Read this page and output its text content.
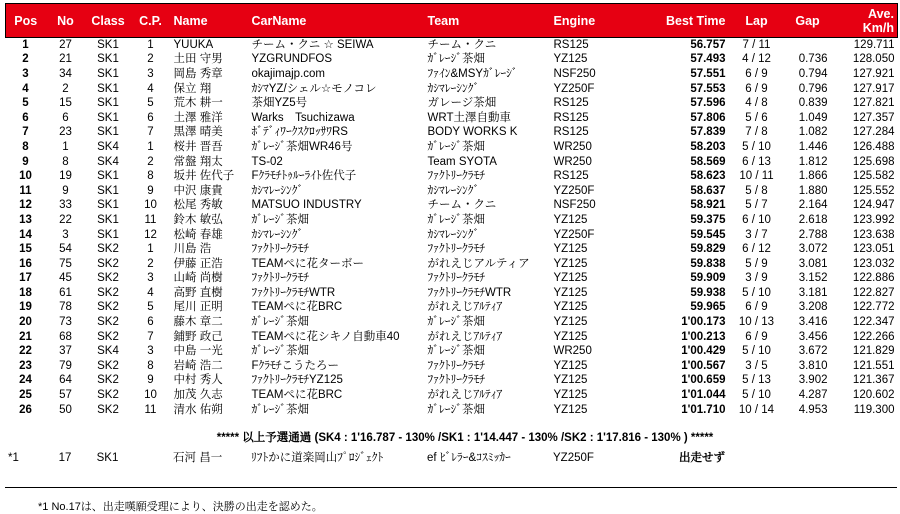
Pos	No	Class	C.P.	Name	CarName	Team	Engine	Best Time	Lap	Gap	Ave.
Km/h
1	27	SK1	1	YUUKA	チーム・クニ ☆ SEIWA	チーム・クニ	RS125	56.757	7 / 11		129.711
2	21	SK1	2	土田 守男	YZGRUNDFOS	ｶﾞﾚｰｼﾞ茶畑	YZ125	57.493	4 / 12	0.736	128.050
3	34	SK1	3	岡島 秀章	okajimajp.com	ﾌｧｲﾝ&MSYｶﾞﾚｰｼﾞ	NSF250	57.551	6 / 9	0.794	127.921
4	2	SK1	4	保立 翔	ｶｼﾏYZ/シェル☆モノコレ	ｶｼﾏﾚｰｼﾝｸﾞ	YZ250F	57.553	6 / 9	0.796	127.917
5	15	SK1	5	荒木 耕一	茶畑YZ5号	ガレージ茶畑	RS125	57.596	4 / 8	0.839	127.821
6	6	SK1	6	土澤 雅洋	Warks　Tsuchizawa	WRT土澤自動車	RS125	57.806	5 / 6	1.049	127.357
7	23	SK1	7	黒澤 晴美	ﾎﾞﾃﾞｨﾜｰｸｽｸﾛｯｻﾜRS	BODY WORKS K	RS125	57.839	7 / 8	1.082	127.284
8	1	SK4	1	桜井 晋吾	ｶﾞﾚｰｼﾞ茶畑WR46号	ｶﾞﾚｰｼﾞ茶畑	WR250	58.203	5 / 10	1.446	126.488
9	8	SK4	2	常盤 翔太	TS-02	Team SYOTA	WR250	58.569	6 / 13	1.812	125.698
10	19	SK1	8	坂井 佐代子	Fｸﾗﾓﾁﾄｩﾙｰﾗｲﾄ佐代子	ﾌｧｸﾄﾘｰｸﾗﾓﾁ	RS125	58.623	10 / 11	1.866	125.582
11	9	SK1	9	中沢 康貴	ｶｼﾏﾚｰｼﾝｸﾞ	ｶｼﾏﾚｰｼﾝｸﾞ	YZ250F	58.637	5 / 8	1.880	125.552
12	33	SK1	10	松尾 秀敏	MATSUO INDUSTRY	チーム・クニ	NSF250	58.921	5 / 7	2.164	124.947
13	22	SK1	11	鈴木 敏弘	ｶﾞﾚｰｼﾞ茶畑	ｶﾞﾚｰｼﾞ茶畑	YZ125	59.375	6 / 10	2.618	123.992
14	3	SK1	12	松崎 春雄	ｶｼﾏﾚｰｼﾝｸﾞ	ｶｼﾏﾚｰｼﾝｸﾞ	YZ250F	59.545	3 / 7	2.788	123.638
15	54	SK2	1	川島 浩	ﾌｧｸﾄﾘｰｸﾗﾓﾁ	ﾌｧｸﾄﾘｰｸﾗﾓﾁ	YZ125	59.829	6 / 12	3.072	123.051
16	75	SK2	2	伊藤 正浩	TEAMぺに花ターボー	がれえじアルティア	YZ125	59.838	5 / 9	3.081	123.032
17	45	SK2	3	山崎 尚樹	ﾌｧｸﾄﾘｰｸﾗﾓﾁ	ﾌｧｸﾄﾘｰｸﾗﾓﾁ	YZ125	59.909	3 / 9	3.152	122.886
18	61	SK2	4	高野 直樹	ﾌｧｸﾄﾘｰｸﾗﾓﾁWTR	ﾌｧｸﾄﾘｰｸﾗﾓﾁWTR	YZ125	59.938	5 / 10	3.181	122.827
19	78	SK2	5	尾川 正明	TEAMぺに花BRC	がれえじｱﾙﾃｨｱ	YZ125	59.965	6 / 9	3.208	122.772
20	73	SK2	6	藤木 章二	ｶﾞﾚｰｼﾞ茶畑	ｶﾞﾚｰｼﾞ茶畑	YZ125	1'00.173	10 / 13	3.416	122.347
21	68	SK2	7	鋪野 政己	TEAMぺに花シキノ自動車40	がれえじｱﾙﾃｨｱ	YZ125	1'00.213	6 / 9	3.456	122.266
22	37	SK4	3	中島 一光	ｶﾞﾚｰｼﾞ茶畑	ｶﾞﾚｰｼﾞ茶畑	WR250	1'00.429	5 / 10	3.672	121.829
23	79	SK2	8	岩崎 浩二	Fｸﾗﾓﾁこうたろー	ﾌｧｸﾄﾘｰｸﾗﾓﾁ	YZ125	1'00.567	3 / 5	3.810	121.551
24	64	SK2	9	中村 秀人	ﾌｧｸﾄﾘｰｸﾗﾓﾁYZ125	ﾌｧｸﾄﾘｰｸﾗﾓﾁ	YZ125	1'00.659	5 / 13	3.902	121.367
25	57	SK2	10	加茂 久志	TEAMぺに花BRC	がれえじｱﾙﾃｨｱ	YZ125	1'01.044	5 / 10	4.287	120.602
26	50	SK2	11	清水 佑朔	ｶﾞﾚｰｼﾞ茶畑	ｶﾞﾚｰｼﾞ茶畑	YZ125	1'01.710	10 / 14	4.953	119.300
***** 以上予選通過 (SK4 : 1'16.787 - 130% /SK1 : 1'14.447 - 130% /SK2 : 1'17.816 - 130% ) *****
*1	17	SK1		石河 昌一	ﾘﾌﾄかに道楽岡山ﾌﾟﾛｼﾞｪｸﾄ	ef ﾋﾞﾚﾗｰ&ｺｽﾐｯｶｰ	YZ250F	出走せず			
*1 No.17は、出走嘆願受理により、決勝の出走を認めた。
